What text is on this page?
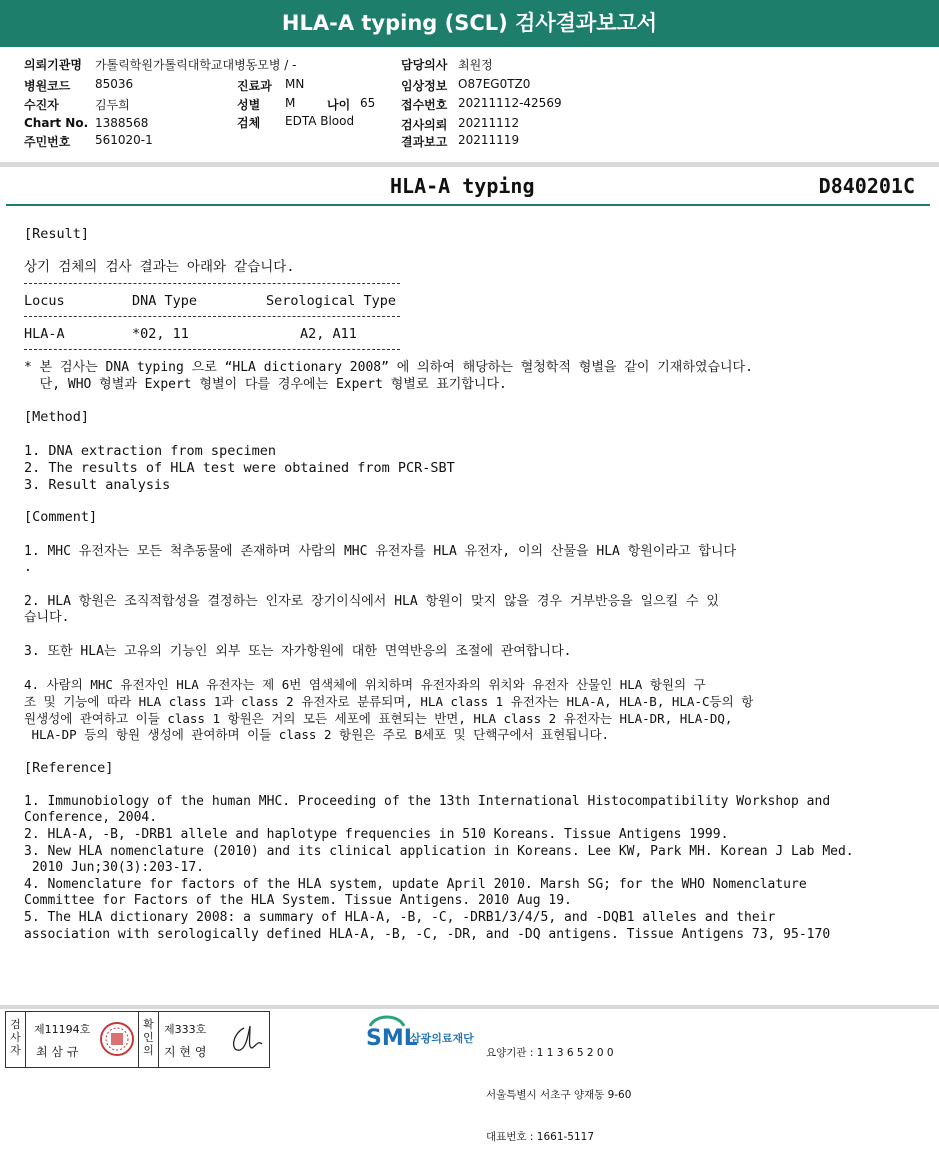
HLA-A typing (SCL) 검사결과보고서
의뢰기관명 가톨릭학원가톨릭대학교대병동모병 / -	담당의사 최원정
병원코드 85036	진료과 MN	임상정보 O87EG0TZ0
수진자	김두희	성별 M	나이 65 접수번호 20211112-42569
Chart No. 1388568	검체 EDTA Blood	검사의뢰 20211112
주민번호 561020-1	결과보고 20211119
HLA-A typing	D840201C
[Result]
상기 검체의 검사 결과는 아래와 같습니다.
Locus	DNA Type	Serological Type
HLA-A	*02, 11	A2, A11
* 본 검사는 DNA typing 으로 “HLA dictionary 2008” 에 의하여 해당하는 혈청학적 형별을 같이 기재하였습니다.
단, WHO 형별과 Expert 형별이 다를 경우에는 Expert 형별로 표기합니다.
[Method]
1. DNA extraction from specimen
2. The results of HLA test were obtained from PCR-SBT
3. Result analysis
[Comment]
1. MHC 유전자는 모든 척추동물에 존재하며 사람의 MHC 유전자를 HLA 유전자, 이의 산물을 HLA 항원이라고 합니다
.
2. HLA 항원은 조직적합성을 결정하는 인자로 장기이식에서 HLA 항원이 맞지 않을 경우 거부반응을 일으킬 수 있
습니다.
3. 또한 HLA는 고유의 기능인 외부 또는 자가항원에 대한 면역반응의 조절에 관여합니다.
4. 사람의 MHC 유전자인 HLA 유전자는 제 6번 염색체에 위치하며 유전자좌의 위치와 유전자 산물인 HLA 항원의 구
조 및 기능에 따라 HLA class 1과 class 2 유전자로 분류되며, HLA class 1 유전자는 HLA-A, HLA-B, HLA-C등의 항
원생성에 관여하고 이들 class 1 항원은 거의 모든 세포에 표현되는 반면, HLA class 2 유전자는 HLA-DR, HLA-DQ,
HLA-DP 등의 항원 생성에 관여하며 이들 class 2 항원은 주로 B세포 및 단핵구에서 표현됩니다.
[Reference]
1. Immunobiology of the human MHC. Proceeding of the 13th International Histocompatibility Workshop and
Conference, 2004.
2. HLA-A, -B, -DRB1 allele and haplotype frequencies in 510 Koreans. Tissue Antigens 1999.
3. New HLA nomenclature (2010) and its clinical application in Koreans. Lee KW, Park MH. Korean J Lab Med.
2010 Jun;30(3):203-17.
4. Nomenclature for factors of the HLA system, update April 2010. Marsh SG; for the WHO Nomenclature
Committee for Factors of the HLA System. Tissue Antigens. 2010 Aug 19.
5. The HLA dictionary 2008: a summary of HLA-A, -B, -C, -DRB1/3/4/5, and -DQB1 alleles and their
association with serologically defined HLA-A, -B, -C, -DR, and -DQ antigens. Tissue Antigens 73, 95-170
검
사
자
제11194호
최 삼 규
확
인
의
제333호
지 현 영
SML
삼광의료재단

요양기관 : 1 1 3 6 5 2 0 0

서울특별시 서초구 양재동 9-60

대표번호 : 1661-5117
